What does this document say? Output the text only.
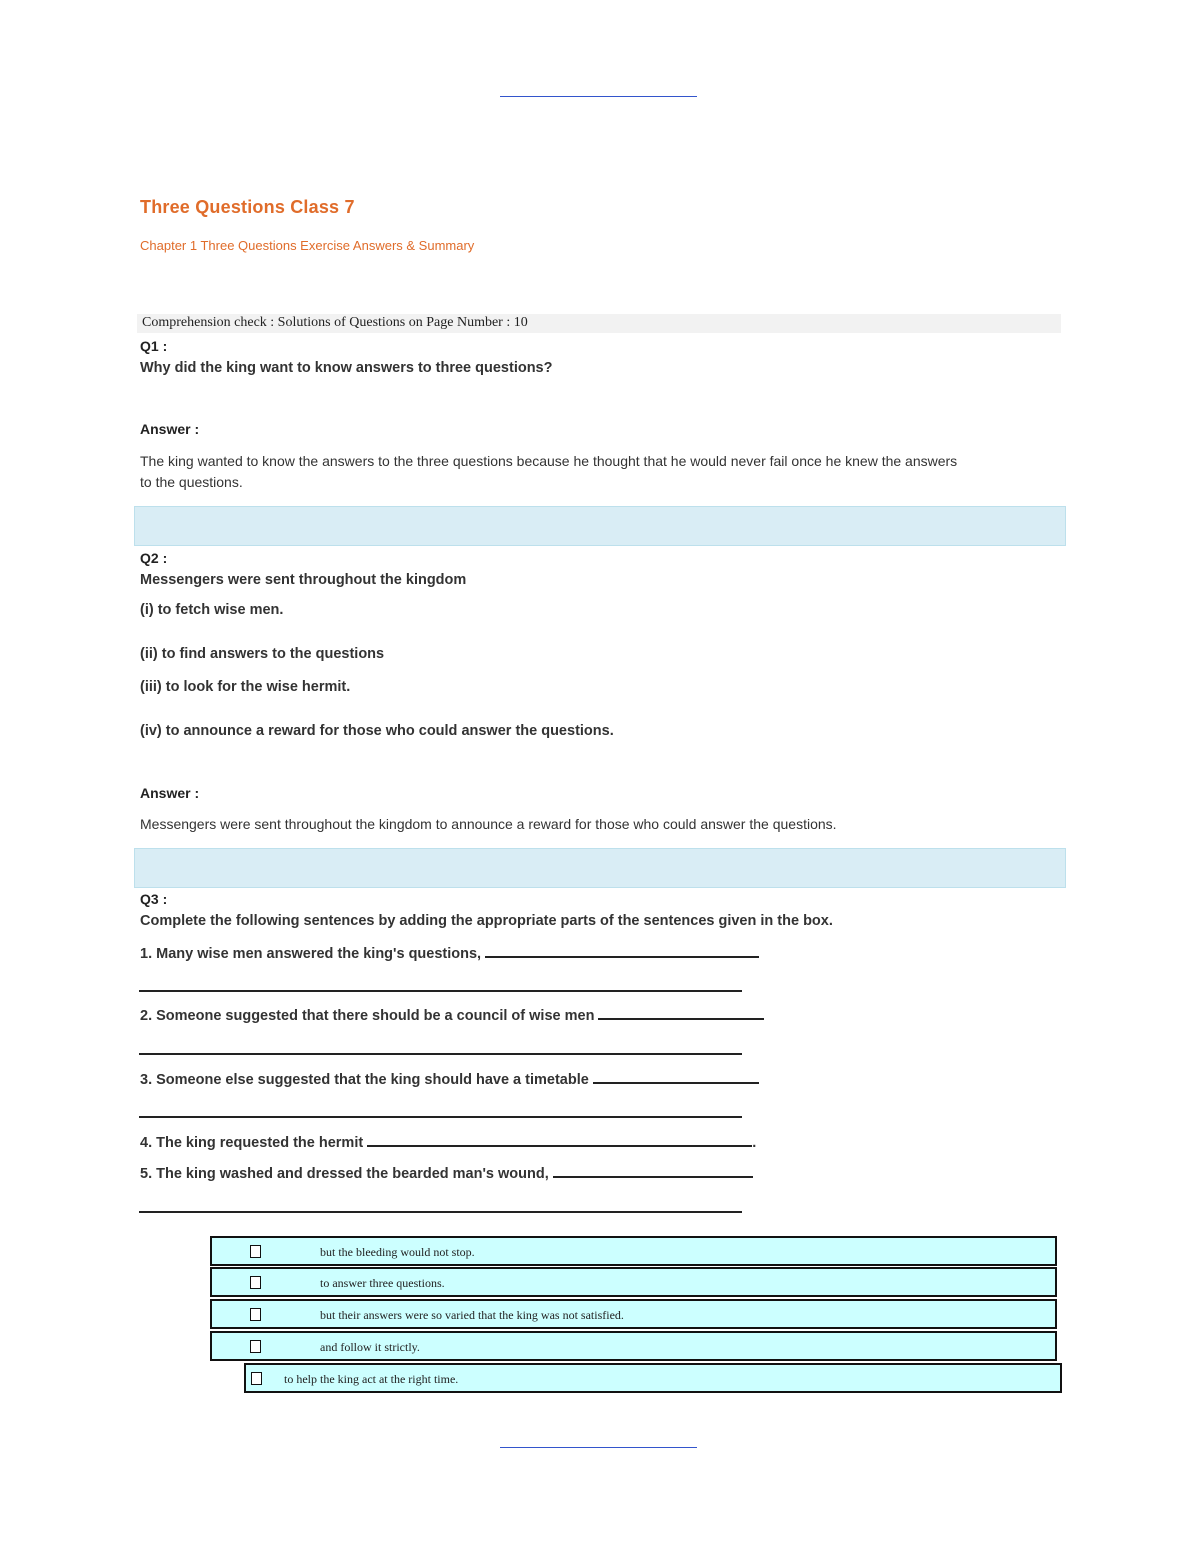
Three Questions Class 7
Chapter 1 Three Questions Exercise Answers & Summary
Comprehension check : Solutions of Questions on Page Number : 10
Q1 :
Why did the king want to know answers to three questions?
Answer :
The king wanted to know the answers to the three questions because he thought that he would never fail once he knew the answers
to the questions.
Q2 :
Messengers were sent throughout the kingdom
(i) to fetch wise men.
(ii) to find answers to the questions
(iii) to look for the wise hermit.
(iv) to announce a reward for those who could answer the questions.
Answer :
Messengers were sent throughout the kingdom to announce a reward for those who could answer the questions.
Q3 :
Complete the following sentences by adding the appropriate parts of the sentences given in the box.
1. Many wise men answered the king's questions,
2. Someone suggested that there should be a council of wise men
3. Someone else suggested that the king should have a timetable
4. The king requested the hermit	.
5. The king washed and dressed the bearded man's wound,
but the bleeding would not stop.
to answer three questions.
but their answers were so varied that the king was not satisfied.
and follow it strictly.
to help the king act at the right time.
